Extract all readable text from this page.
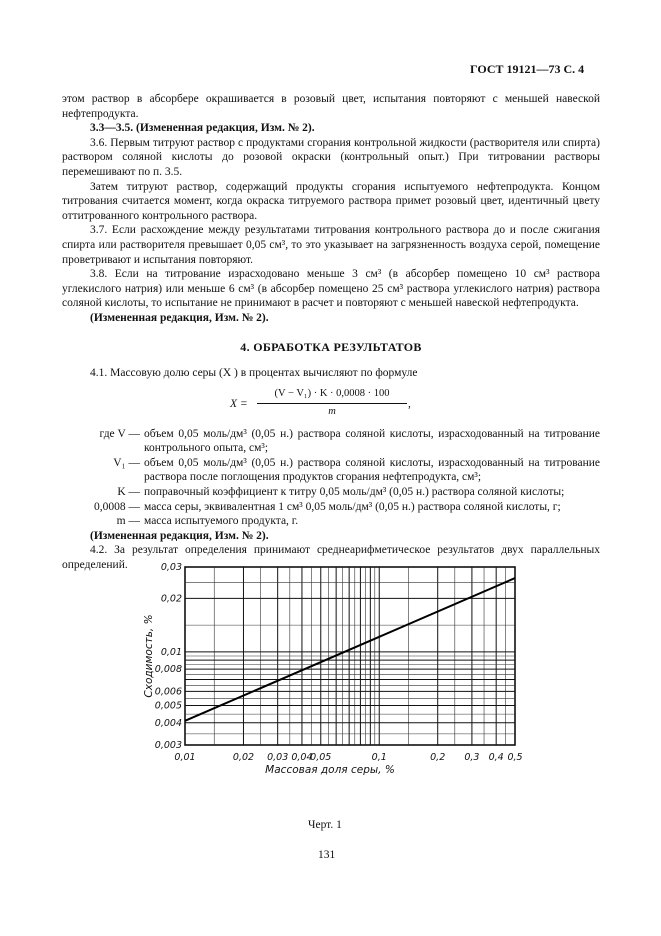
ГОСТ 19121—73 С. 4

этом раствор в абсорбере окрашивается в розовый цвет, испытания повторяют с меньшей навеской нефтепродукта.

3.3—3.5. (Измененная редакция, Изм. № 2).

3.6. Первым титруют раствор с продуктами сгорания контрольной жидкости (растворителя или спирта) раствором соляной кислоты до розовой окраски (контрольный опыт.) При титровании растворы перемешивают по п. 3.5.

Затем титруют раствор, содержащий продукты сгорания испытуемого нефтепродукта. Концом титрования считается момент, когда окраска титруемого раствора примет розовый цвет, идентичный цвету оттитрованного контрольного раствора.

3.7. Если расхождение между результатами титрования контрольного раствора до и после сжигания спирта или растворителя превышает 0,05 см³, то это указывает на загрязненность воздуха серой, помещение проветривают и испытания повторяют.

3.8. Если на титрование израсходовано меньше 3 см³ (в абсорбер помещено 10 см³ раствора углекислого натрия) или меньше 6 см³ (в абсорбер помещено 25 см³ раствора углекислого натрия) раствора соляной кислоты, то испытание не принимают в расчет и повторяют с меньшей навеской нефтепродукта.

(Измененная редакция, Изм. № 2).

4. ОБРАБОТКА РЕЗУЛЬТАТОВ

4.1. Массовую долю серы (X ) в процентах вычисляют по формуле

X =
(V − V₁) · K · 0,0008 · 100
m
,
где V — объем 0,05 моль/дм³ (0,05 н.) раствора соляной кислоты, израсходованный на титрование контрольного опыта, см³;
V₁ — объем 0,05 моль/дм³ (0,05 н.) раствора соляной кислоты, израсходованный на титрование раствора после поглощения продуктов сгорания нефтепродукта, см³;
K — поправочный коэффициент к титру 0,05 моль/дм³ (0,05 н.) раствора соляной кислоты;
0,0008 — масса серы, эквивалентная 1 см³ 0,05 моль/дм³ (0,05 н.) раствора соляной кислоты, г;
m — масса испытуемого продукта, г.

(Измененная редакция, Изм. № 2).

4.2. За результат определения принимают среднеарифметическое результатов двух параллельных определений.

0,01	0,02 0,03 0,04
0,05	0,1	0,2 0,3 0,4 0,5
0,003
0,004
0,005
0,006
0,008
0,01
0,02
0,03
Массовая доля серы, %
Сходимость, %
Черт. 1
131
